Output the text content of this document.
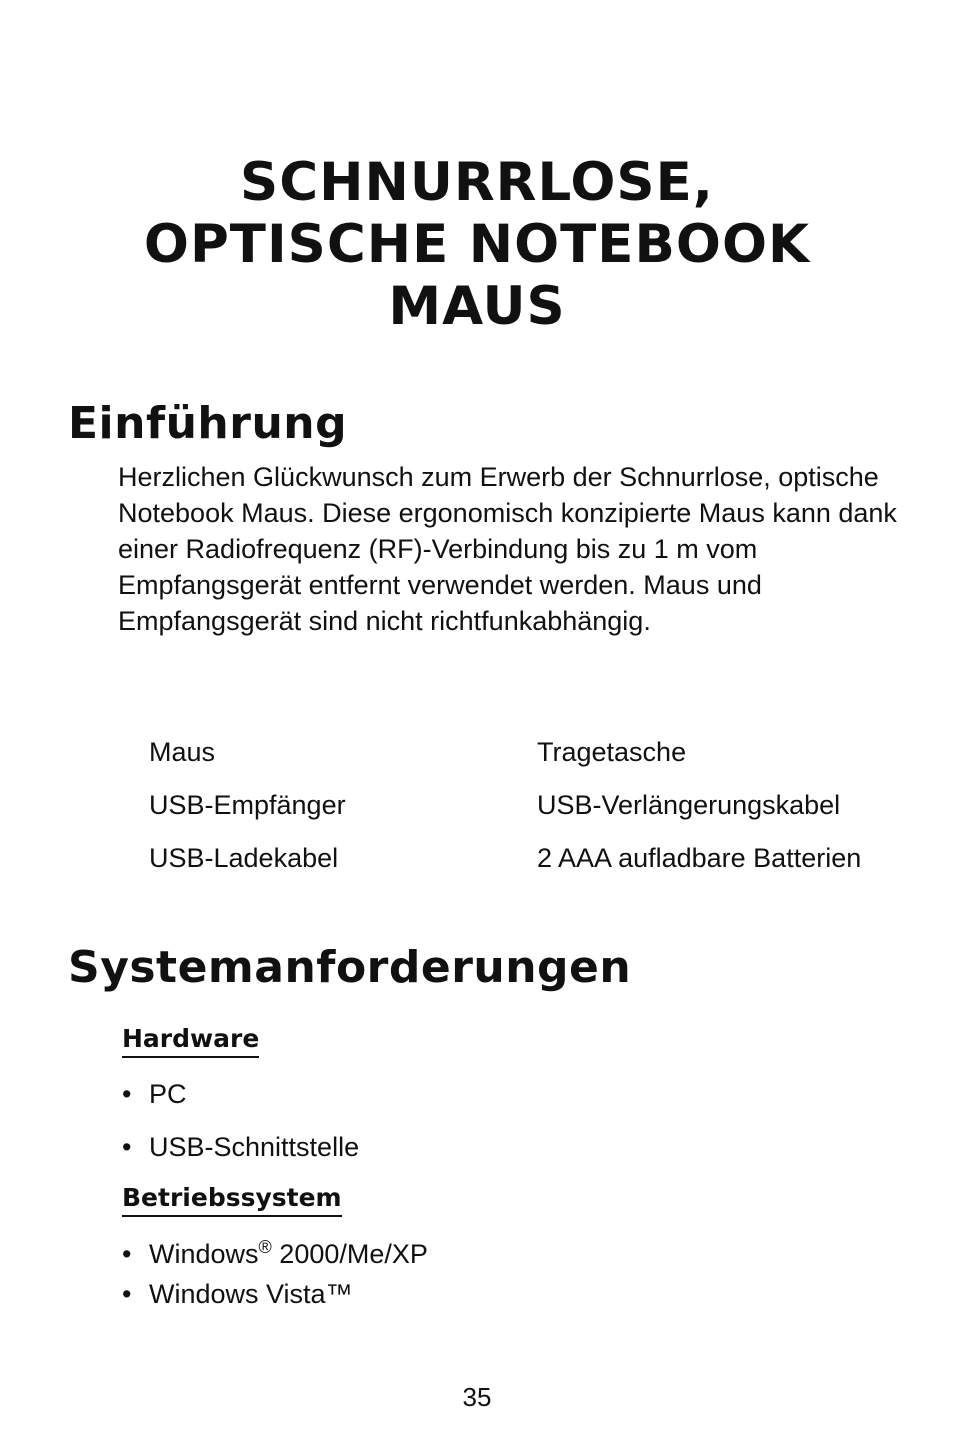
SCHNURRLOSE,
OPTISCHE NOTEBOOK
MAUS
Einführung

Herzlichen Glückwunsch zum Erwerb der Schnurrlose, optische Notebook Maus. Diese ergonomisch konzipierte Maus kann dank einer Radiofrequenz (RF)-Verbindung bis zu 1 m vom Empfangsgerät entfernt verwendet werden. Maus und Empfangsgerät sind nicht richtfunkabhängig.

Maus	Tragetasche
USB-Empfänger	USB-Verlängerungskabel
USB-Ladekabel	2 AAA aufladbare Batterien
Systemanforderungen
Hardware
• PC
• USB-Schnittstelle
Betriebssystem
• Windows® 2000/Me/XP
• Windows Vista™
35
